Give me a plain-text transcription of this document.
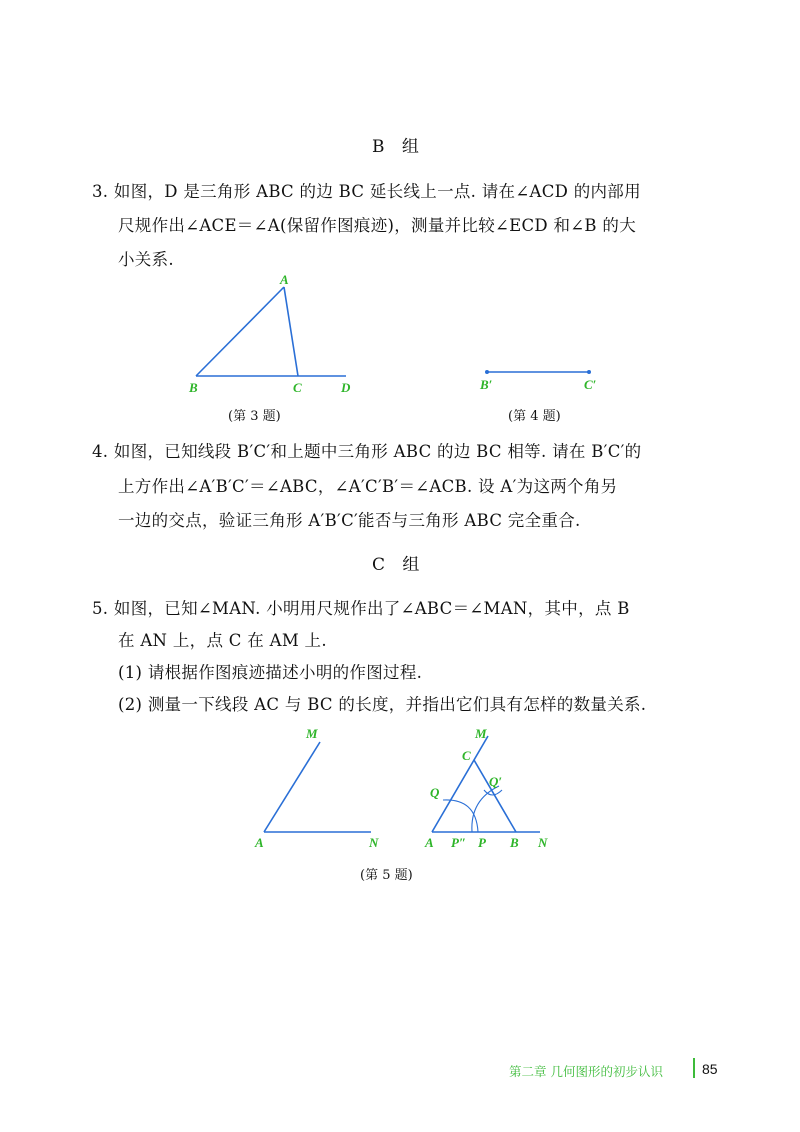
B 组
3. 如图，D 是三角形 ABC 的边 BC 延长线上一点. 请在∠ACD 的内部用
尺规作出∠ACE＝∠A(保留作图痕迹)，测量并比较∠ECD 和∠B 的大
小关系.
A
B	C	D	B′	C′
M
A	N
M
C
Q
Q′
A P″ P B N
(第 3 题)	(第 4 题)
4. 如图，已知线段 B′C′和上题中三角形 ABC 的边 BC 相等. 请在 B′C′的
上方作出∠A′B′C′＝∠ABC，∠A′C′B′＝∠ACB. 设 A′为这两个角另
一边的交点，验证三角形 A′B′C′能否与三角形 ABC 完全重合.
C 组
5. 如图，已知∠MAN. 小明用尺规作出了∠ABC＝∠MAN，其中，点 B
在 AN 上，点 C 在 AM 上.
(1) 请根据作图痕迹描述小明的作图过程.
(2) 测量一下线段 AC 与 BC 的长度，并指出它们具有怎样的数量关系.
(第 5 题)
第二章 几何图形的初步认识	85
